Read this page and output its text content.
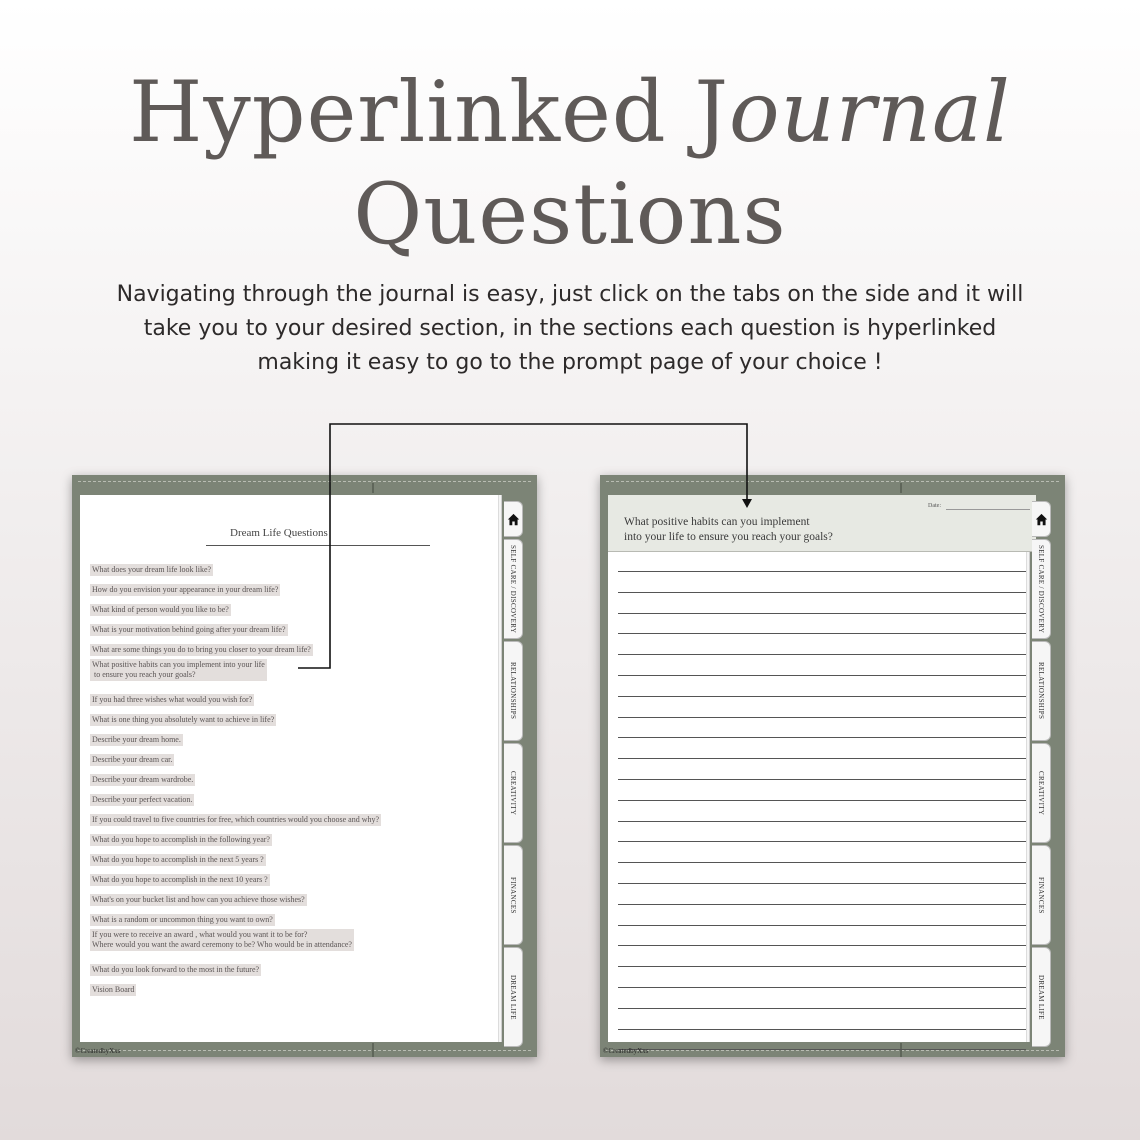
Hyperlinked Journal
Questions
Navigating through the journal is easy, just click on the tabs on the side and it will
take you to your desired section, in the sections each question is hyperlinked
making it easy to go to the prompt page of your choice !
Dream Life Questions
What does your dream life look like?
How do you envision your appearance in your dream life?
What kind of person would you like to be?
What is your motivation behind going after your dream life?
What are some things you do to bring you closer to your dream life?
What positive habits can you implement into your life
to ensure you reach your goals?
If you had three wishes what would you wish for?
What is one thing you absolutely want to achieve in life?
Describe your dream home.
Describe your dream car.
Describe your dream wardrobe.
Describe your perfect vacation.
If you could travel to five countries for free, which countries would you choose and why?
What do you hope to accomplish in the following year?
What do you hope to accomplish in the next 5 years ?
What do you hope to accomplish in the next 10 years ?
What's on your bucket list and how can you achieve those wishes?
What is a random or uncommon thing you want to own?
If you were to receive an award , what would you want it to be for?
Where would you want the award ceremony to be? Who would be in attendance?
What do you look forward to the most in the future?
Vision Board
SELF CARE / DISCOVERY
RELATIONSHIPS
CREATIVITY
FINANCES
DREAM LIFE
©CreatedbyXxs
Date:
What positive habits can you implement
into your life to ensure you reach your goals?
SELF CARE / DISCOVERY
RELATIONSHIPS
CREATIVITY
FINANCES
DREAM LIFE
©CreatedbyXxs
